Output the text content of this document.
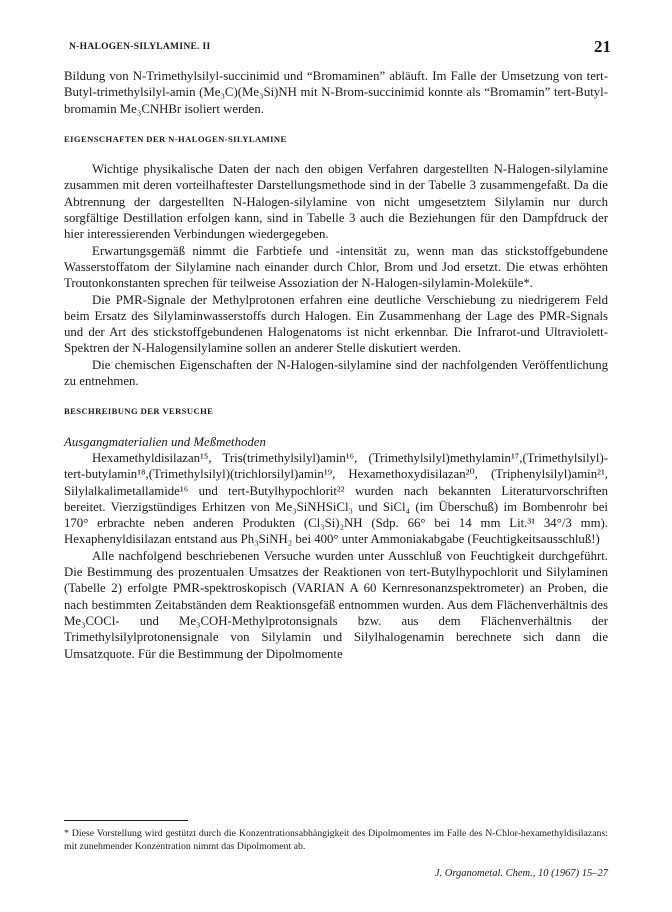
N-HALOGEN-SILYLAMINE. II	21

Bildung von N-Trimethylsilyl-succinimid und “Bromaminen” abläuft. Im Falle der Umsetzung von tert-Butyl-trimethylsilyl-amin (Me₃C)(Me₃Si)NH mit N-Brom-succinimid konnte als “Bromamin” tert-Butyl-bromamin Me₃CNHBr isoliert werden.

EIGENSCHAFTEN DER N-HALOGEN-SILYLAMINE

Wichtige physikalische Daten der nach den obigen Verfahren dargestellten N-Halogen-silylamine zusammen mit deren vorteilhaftester Darstellungsmethode sind in der Tabelle 3 zusammengefaßt. Da die Abtrennung der dargestellten N-Halogen-silylamine von nicht umgesetztem Silylamin nur durch sorgfältige Destillation erfolgen kann, sind in Tabelle 3 auch die Beziehungen für den Dampfdruck der hier interessierenden Verbindungen wiedergegeben.

Erwartungsgemäß nimmt die Farbtiefe und -intensität zu, wenn man das stickstoffgebundene Wasserstoffatom der Silylamine nach einander durch Chlor, Brom und Jod ersetzt. Die etwas erhöhten Troutonkonstanten sprechen für teilweise Assoziation der N-Halogen-silylamin-Moleküle*.

Die PMR-Signale der Methylprotonen erfahren eine deutliche Verschiebung zu niedrigerem Feld beim Ersatz des Silylaminwasserstoffs durch Halogen. Ein Zusammenhang der Lage des PMR-Signals und der Art des stickstoffgebundenen Halogenatoms ist nicht erkennbar. Die Infrarot-und Ultraviolett-Spektren der N-Halogensilylamine sollen an anderer Stelle diskutiert werden.

Die chemischen Eigenschaften der N-Halogen-silylamine sind der nachfolgenden Veröffentlichung zu entnehmen.

BESCHREIBUNG DER VERSUCHE

Ausgangmaterialien und Meßmethoden

Hexamethyldisilazan¹⁵, Tris(trimethylsilyl)amin¹⁶, (Trimethylsilyl)methylamin¹⁷,(Trimethylsilyl)-tert-butylamin¹⁸,(Trimethylsilyl)(trichlorsilyl)amin¹⁹, Hexamethoxydisilazan²⁰, (Triphenylsilyl)amin²¹, Silylalkalimetallamide¹⁶ und tert-Butylhypochlorit²² wurden nach bekannten Literaturvorschriften bereitet. Vierzigstündiges Erhitzen von Me₃SiNHSiCl₃ und SiCl₄ (im Überschuß) im Bombenrohr bei 170° erbrachte neben anderen Produkten (Cl₃Si)₂NH (Sdp. 66° bei 14 mm Lit.³¹ 34°/3 mm). Hexaphenyldisilazan entstand aus Ph₃SiNH₂ bei 400° unter Ammoniakabgabe (Feuchtigkeitsausschluß!)

Alle nachfolgend beschriebenen Versuche wurden unter Ausschluß von Feuchtigkeit durchgeführt. Die Bestimmung des prozentualen Umsatzes der Reaktionen von tert-Butylhypochlorit und Silylaminen (Tabelle 2) erfolgte PMR-spektroskopisch (VARIAN A 60 Kernresonanzspektrometer) an Proben, die nach bestimmten Zeitabständen dem Reaktionsgefäß entnommen wurden. Aus dem Flächenverhältnis des Me₃COCl- und Me₃COH-Methylprotonsignals bzw. aus dem Flächenverhältnis der Trimethylsilylprotonensignale von Silylamin und Silylhalogenamin berechnete sich dann die Umsatzquote. Für die Bestimmung der Dipolmomente

* Diese Vorstellung wird gestützt durch die Konzentrationsabhängigkeit des Dipolmomentes im Falle des N-Chlor-hexamethyldisilazans: mit zunehmender Konzentration nimmt das Dipolmoment ab.
J. Organometal. Chem., 10 (1967) 15–27
